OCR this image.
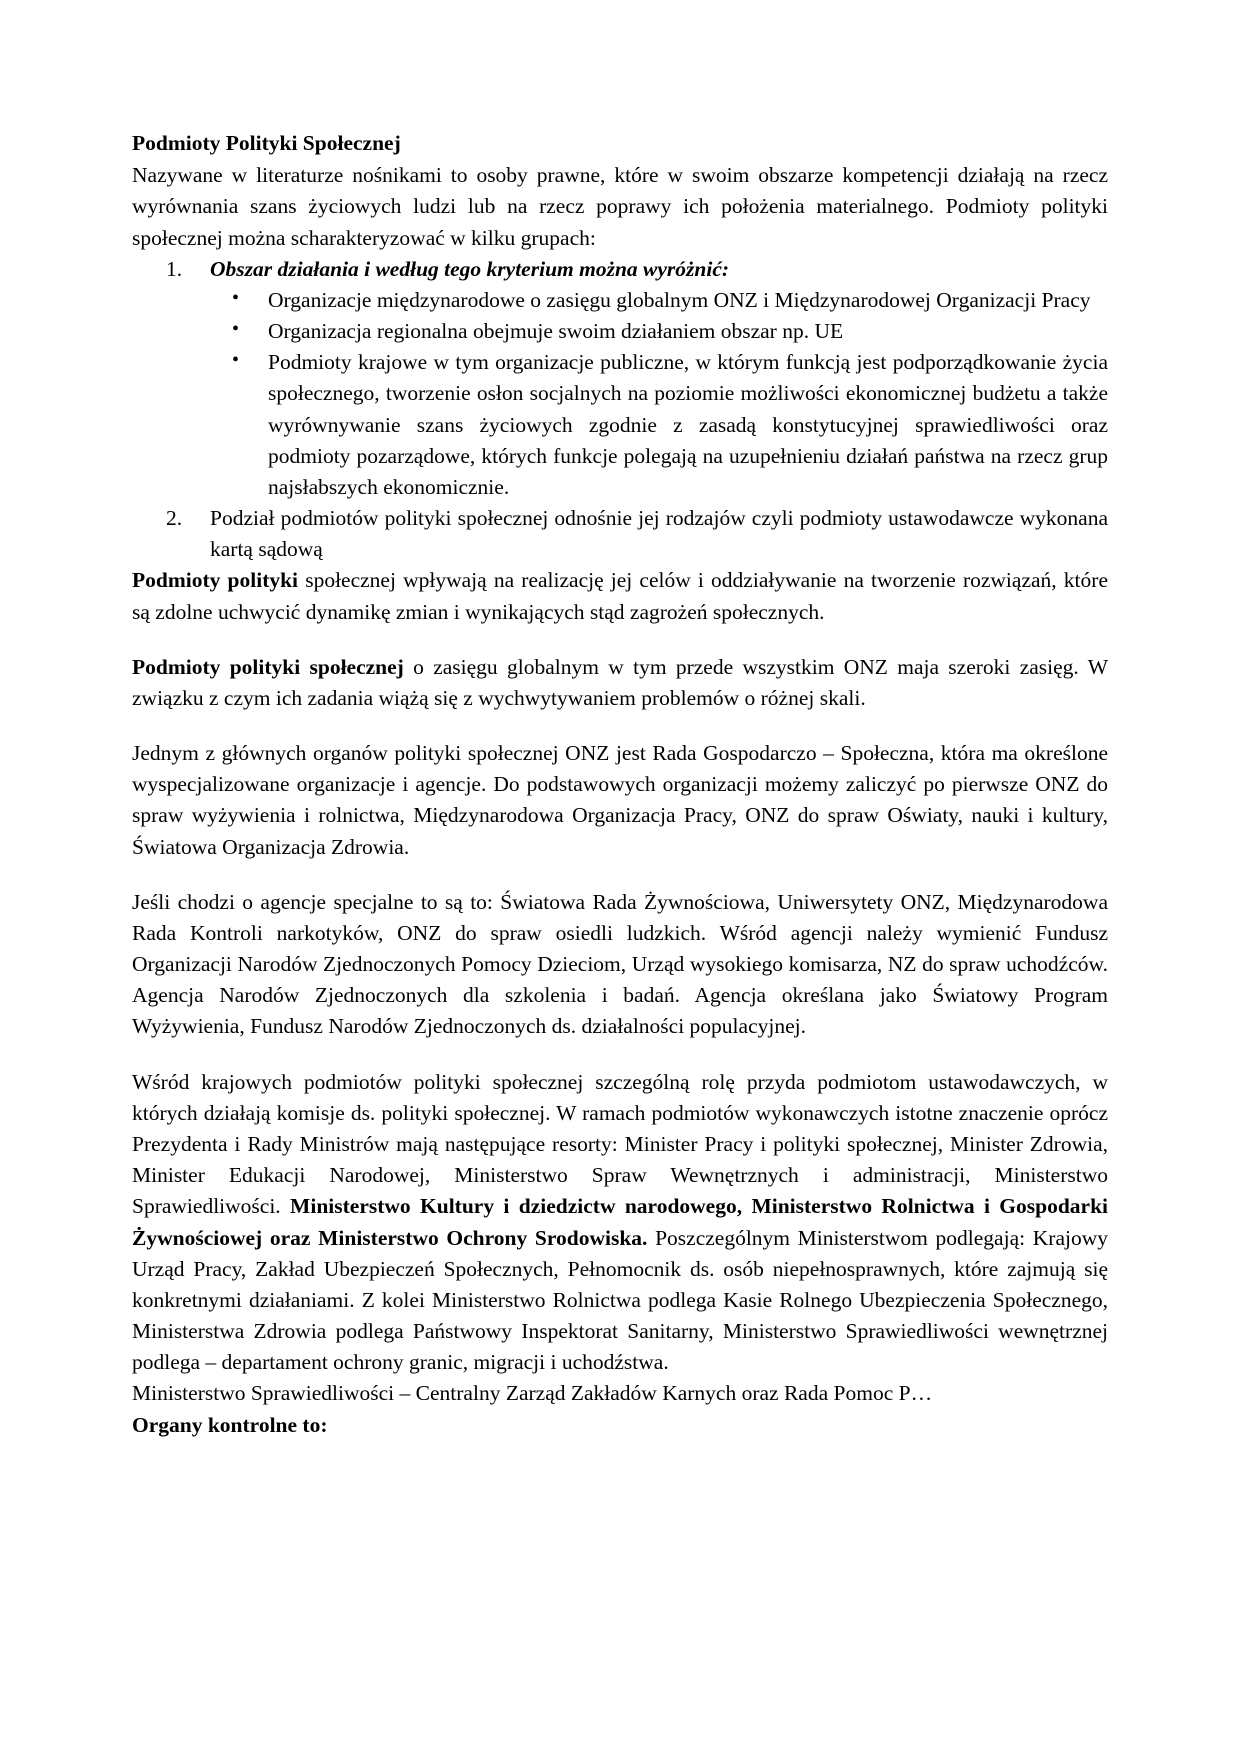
Podmioty Polityki Społecznej

Nazywane w literaturze nośnikami to osoby prawne, które w swoim obszarze kompetencji działają na rzecz wyrównania szans życiowych ludzi lub na rzecz poprawy ich położenia materialnego. Podmioty polityki społecznej można scharakteryzować w kilku grupach:

1.	Obszar działania i według tego kryterium można wyróżnić:
• Organizacje międzynarodowe o zasięgu globalnym ONZ i Międzynarodowej Organizacji Pracy
• Organizacja regionalna obejmuje swoim działaniem obszar np. UE
• Podmioty krajowe w tym organizacje publiczne, w którym funkcją jest podporządkowanie życia społecznego, tworzenie osłon socjalnych na poziomie możliwości ekonomicznej budżetu a także wyrównywanie szans życiowych zgodnie z zasadą konstytucyjnej sprawiedliwości oraz podmioty pozarządowe, których funkcje polegają na uzupełnieniu działań państwa na rzecz grup najsłabszych ekonomicznie.
2.	Podział podmiotów polityki społecznej odnośnie jej rodzajów czyli podmioty ustawodawcze wykonana kartą sądową

Podmioty polityki społecznej wpływają na realizację jej celów i oddziaływanie na tworzenie rozwiązań, które są zdolne uchwycić dynamikę zmian i wynikających stąd zagrożeń społecznych.

Podmioty polityki społecznej o zasięgu globalnym w tym przede wszystkim ONZ maja szeroki zasięg. W związku z czym ich zadania wiążą się z wychwytywaniem problemów o różnej skali.

Jednym z głównych organów polityki społecznej ONZ jest Rada Gospodarczo – Społeczna, która ma określone wyspecjalizowane organizacje i agencje. Do podstawowych organizacji możemy zaliczyć po pierwsze ONZ do spraw wyżywienia i rolnictwa, Międzynarodowa Organizacja Pracy, ONZ do spraw Oświaty, nauki i kultury, Światowa Organizacja Zdrowia.

Jeśli chodzi o agencje specjalne to są to: Światowa Rada Żywnościowa, Uniwersytety ONZ, Międzynarodowa Rada Kontroli narkotyków, ONZ do spraw osiedli ludzkich. Wśród agencji należy wymienić Fundusz Organizacji Narodów Zjednoczonych Pomocy Dzieciom, Urząd wysokiego komisarza, NZ do spraw uchodźców. Agencja Narodów Zjednoczonych dla szkolenia i badań. Agencja określana jako Światowy Program Wyżywienia, Fundusz Narodów Zjednoczonych ds. działalności populacyjnej.

Wśród krajowych podmiotów polityki społecznej szczególną rolę przyda podmiotom ustawodawczych, w których działają komisje ds. polityki społecznej. W ramach podmiotów wykonawczych istotne znaczenie oprócz Prezydenta i Rady Ministrów mają następujące resorty: Minister Pracy i polityki społecznej, Minister Zdrowia, Minister Edukacji Narodowej, Ministerstwo Spraw Wewnętrznych i administracji, Ministerstwo Sprawiedliwości. Ministerstwo Kultury i dziedzictw narodowego, Ministerstwo Rolnictwa i Gospodarki Żywnościowej oraz Ministerstwo Ochrony Srodowiska. Poszczególnym Ministerstwom podlegają: Krajowy Urząd Pracy, Zakład Ubezpieczeń Społecznych, Pełnomocnik ds. osób niepełnosprawnych, które zajmują się konkretnymi działaniami. Z kolei Ministerstwo Rolnictwa podlega Kasie Rolnego Ubezpieczenia Społecznego, Ministerstwa Zdrowia podlega Państwowy Inspektorat Sanitarny, Ministerstwo Sprawiedliwości wewnętrznej podlega – departament ochrony granic, migracji i uchodźstwa.

Ministerstwo Sprawiedliwości – Centralny Zarząd Zakładów Karnych oraz Rada Pomoc P…

Organy kontrolne to:
